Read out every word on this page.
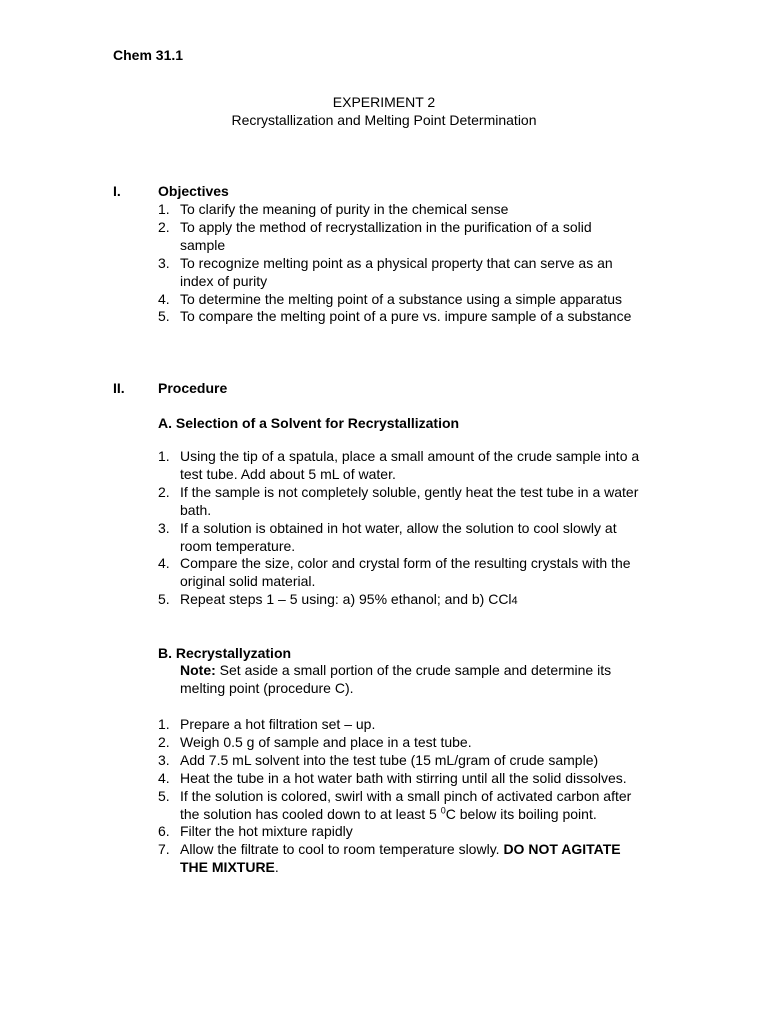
Chem 31.1
EXPERIMENT 2
Recrystallization and Melting Point Determination
I.	Objectives
1. To clarify the meaning of purity in the chemical sense
2. To apply the method of recrystallization in the purification of a solid sample
3. To recognize melting point as a physical property that can serve as an index of purity
4. To determine the melting point of a substance using a simple apparatus
5. To compare the melting point of a pure vs. impure sample of a substance
II. Procedure
A. Selection of a Solvent for Recrystallization
1. Using the tip of a spatula, place a small amount of the crude sample into a test tube. Add about 5 mL of water.
2. If the sample is not completely soluble, gently heat the test tube in a water bath.
3. If a solution is obtained in hot water, allow the solution to cool slowly at room temperature.
4. Compare the size, color and crystal form of the resulting crystals with the original solid material.
5. Repeat steps 1 – 5 using: a) 95% ethanol; and b) CCl4
B. Recrystallyzation
Note: Set aside a small portion of the crude sample and determine its melting point (procedure C).
1. Prepare a hot filtration set – up.
2. Weigh 0.5 g of sample and place in a test tube.
3. Add 7.5 mL solvent into the test tube (15 mL/gram of crude sample)
4. Heat the tube in a hot water bath with stirring until all the solid dissolves.
5. If the solution is colored, swirl with a small pinch of activated carbon after the solution has cooled down to at least 5 $^0$C below its boiling point.
6. Filter the hot mixture rapidly
7. Allow the filtrate to cool to room temperature slowly. DO NOT AGITATE THE MIXTURE.
